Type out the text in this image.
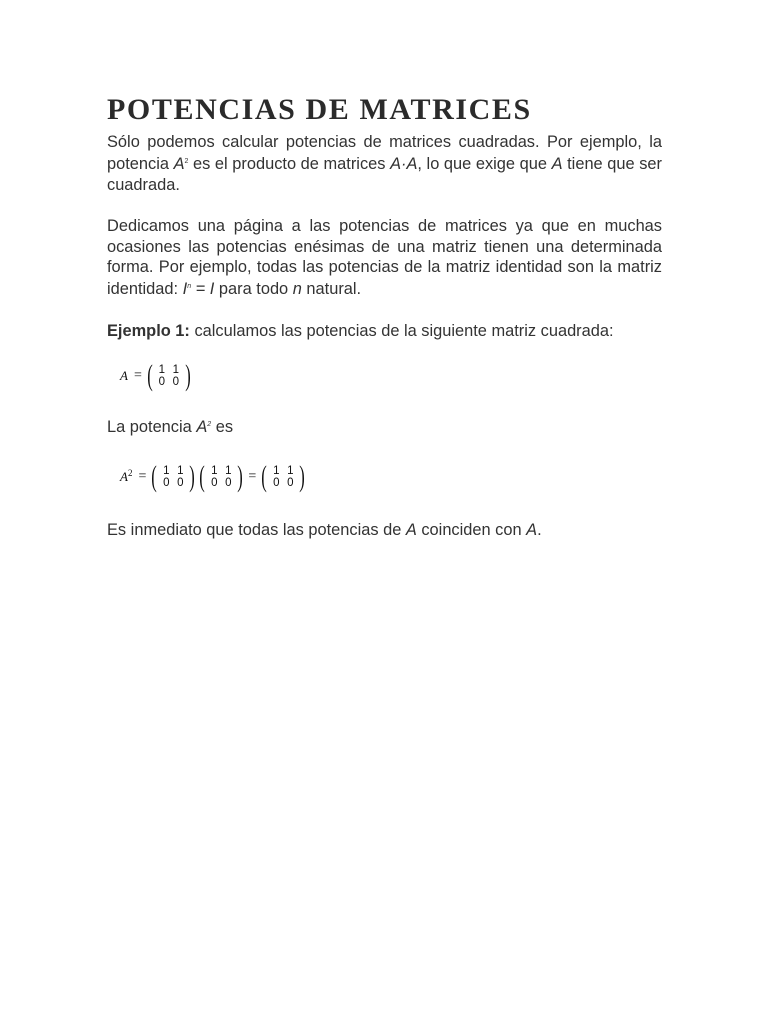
POTENCIAS DE MATRICES

Sólo podemos calcular potencias de matrices cuadradas. Por ejemplo, la potencia $A^2$ es el producto de matrices A·A, lo que exige que A tiene que ser cuadrada.

Dedicamos una página a las potencias de matrices ya que en muchas ocasiones las potencias enésimas de una matriz tienen una determinada forma. Por ejemplo, todas las potencias de la matriz identidad son la matriz identidad: $I^n = I$ para todo n natural.

Ejemplo 1: calculamos las potencias de la siguiente matriz cuadrada:

A = ( 1 1
0 0 )

La potencia $A^2$ es

$A^2$ = ( 1 1
0 0 ) ( 1 1
0 0 ) = ( 1 1
0 0 )

Es inmediato que todas las potencias de A coinciden con A.
